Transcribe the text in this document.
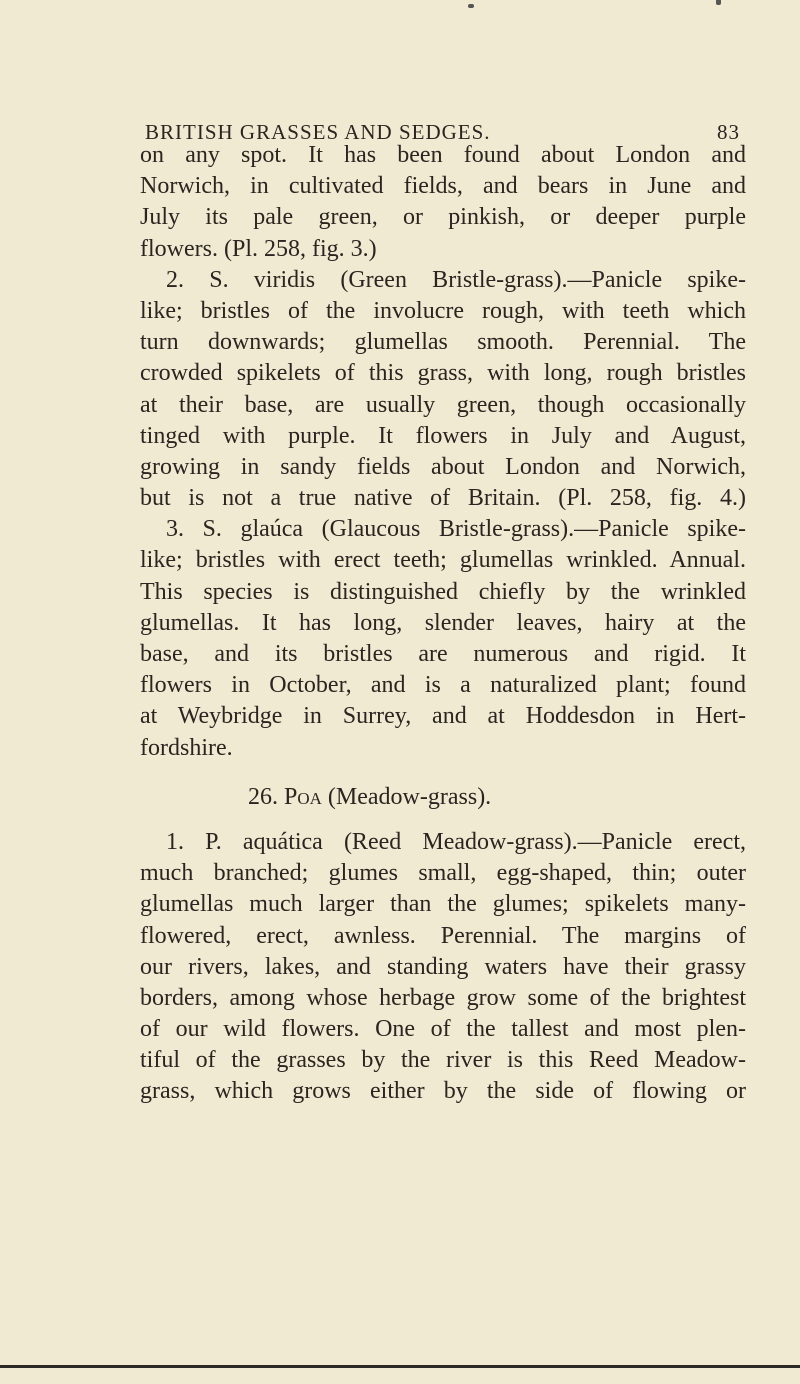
BRITISH GRASSES AND SEDGES.	83
on any spot. It has been found about London and
Norwich, in cultivated fields, and bears in June and
July its pale green, or pinkish, or deeper purple
flowers. (Pl. 258, fig. 3.)
2. S. viridis (Green Bristle-grass).—Panicle spike-
like; bristles of the involucre rough, with teeth which
turn downwards; glumellas smooth. Perennial. The
crowded spikelets of this grass, with long, rough bristles
at their base, are usually green, though occasionally
tinged with purple. It flowers in July and August,
growing in sandy fields about London and Norwich,
but is not a true native of Britain. (Pl. 258, fig. 4.)
3. S. glaúca (Glaucous Bristle-grass).—Panicle spike-
like; bristles with erect teeth; glumellas wrinkled. Annual.
This species is distinguished chiefly by the wrinkled
glumellas. It has long, slender leaves, hairy at the
base, and its bristles are numerous and rigid. It
flowers in October, and is a naturalized plant; found
at Weybridge in Surrey, and at Hoddesdon in Hert-
fordshire.
26. Poa (Meadow-grass).
1. P. aquática (Reed Meadow-grass).—Panicle erect,
much branched; glumes small, egg-shaped, thin; outer
glumellas much larger than the glumes; spikelets many-
flowered, erect, awnless. Perennial. The margins of
our rivers, lakes, and standing waters have their grassy
borders, among whose herbage grow some of the brightest
of our wild flowers. One of the tallest and most plen-
tiful of the grasses by the river is this Reed Meadow-
grass, which grows either by the side of flowing or
